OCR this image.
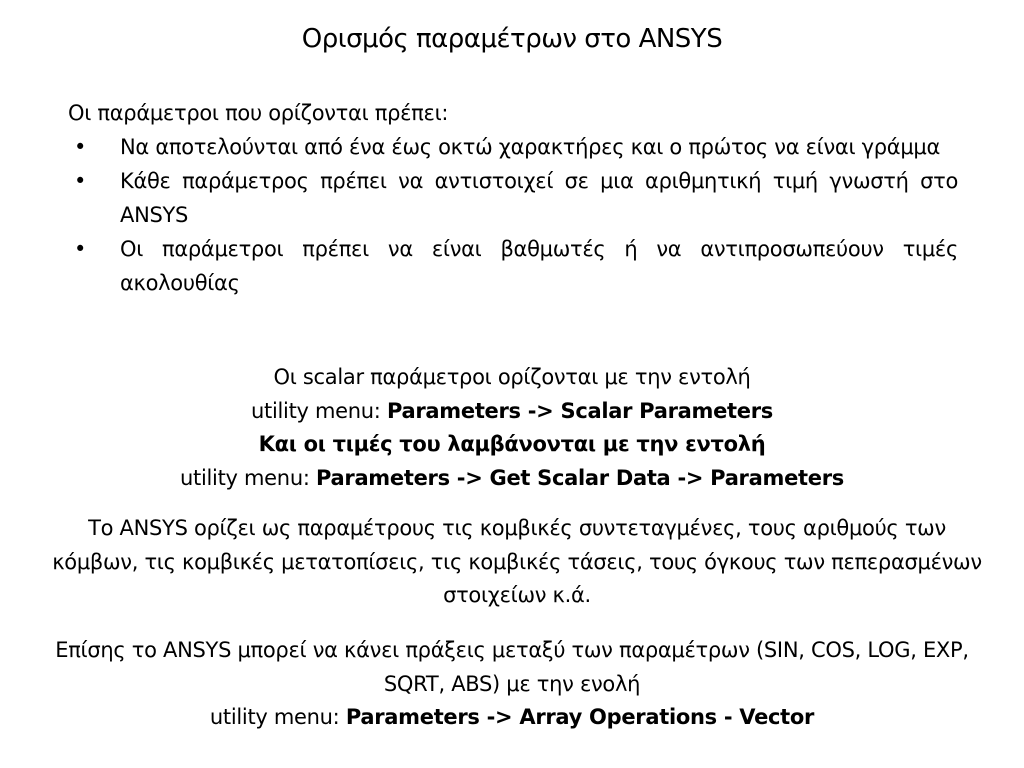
Ορισμός παραμέτρων στο ANSYS
Οι παράμετροι που ορίζονται πρέπει:
• Να αποτελούνται από ένα έως οκτώ χαρακτήρες και ο πρώτος να είναι γράμμα
• Κάθε παράμετρος πρέπει να αντιστοιχεί σε μια αριθμητική τιμή γνωστή στο ANSYS
• Οι παράμετροι πρέπει να είναι βαθμωτές ή να αντιπροσωπεύουν τιμές ακολουθίας
Οι scalar παράμετροι ορίζονται με την εντολή
utility menu: Parameters -> Scalar Parameters
Και οι τιμές του λαμβάνονται με την εντολή
utility menu: Parameters -> Get Scalar Data -> Parameters
Το ANSYS ορίζει ως παραμέτρους τις κομβικές συντεταγμένες, τους αριθμούς των κόμβων, τις κομβικές μετατοπίσεις, τις κομβικές τάσεις, τους όγκους των πεπερασμένων στοιχείων κ.ά.
Επίσης το ANSYS μπορεί να κάνει πράξεις μεταξύ των παραμέτρων (SIN, COS, LOG, EXP, SQRT, ABS) με την ενολή
utility menu: Parameters -> Array Operations - Vector
